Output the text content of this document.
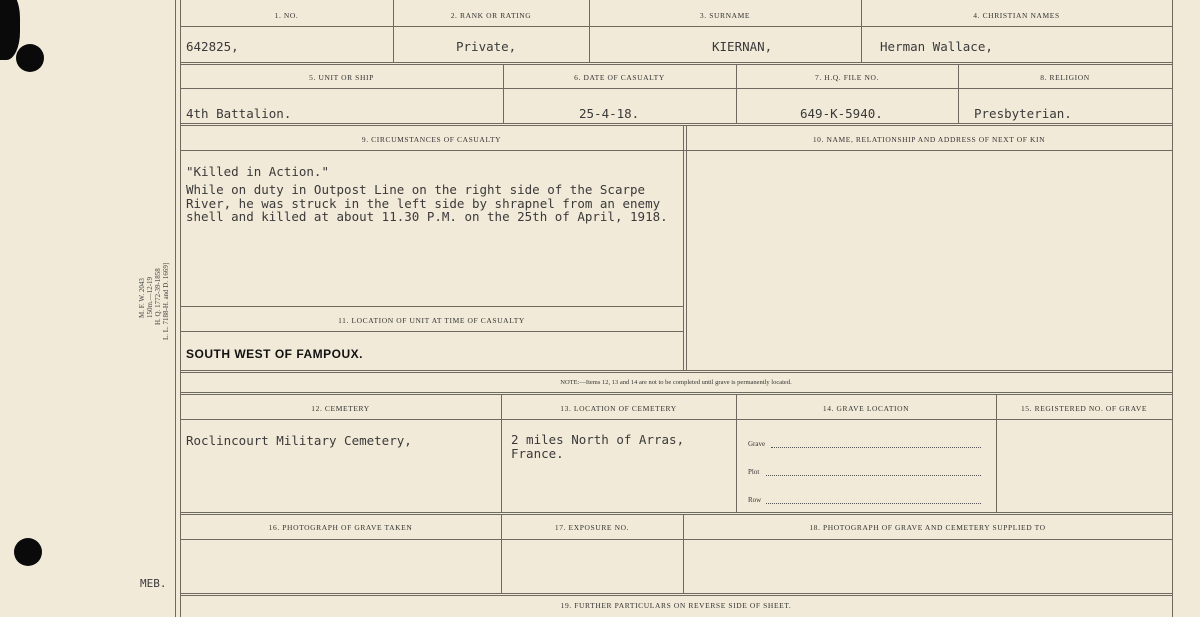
M. F. W. 2043 150m.—12-19 H. Q. 1772-39-1858 L. L. 7188-H. and D. 1669]
MEB.
1. NO.	2. RANK OR RATING	3. SURNAME	4. CHRISTIAN NAMES
642825,	Private,	KIERNAN,	Herman Wallace,
5. UNIT OR SHIP	6. DATE OF CASUALTY	7. H.Q. FILE NO.	8. RELIGION
4th Battalion.	25-4-18.	649-K-5940.	Presbyterian.
9. CIRCUMSTANCES OF CASUALTY	10. NAME, RELATIONSHIP AND ADDRESS OF NEXT OF KIN
"Killed in Action."
While on duty in Outpost Line on the right side of the Scarpe
River, he was struck in the left side by shrapnel from an enemy
shell and killed at about 11.30 P.M. on the 25th of April, 1918.
11. LOCATION OF UNIT AT TIME OF CASUALTY
SOUTH WEST OF FAMPOUX.
NOTE:—Items 12, 13 and 14 are not to be completed until grave is permanently located.
12. CEMETERY	13. LOCATION OF CEMETERY	14. GRAVE LOCATION	15. REGISTERED NO. OF GRAVE
Roclincourt Military Cemetery,	2 miles North of Arras,
France.
Grave
Plot
Row
16. PHOTOGRAPH OF GRAVE TAKEN	17. EXPOSURE NO.	18. PHOTOGRAPH OF GRAVE AND CEMETERY SUPPLIED TO
19. FURTHER PARTICULARS ON REVERSE SIDE OF SHEET.
